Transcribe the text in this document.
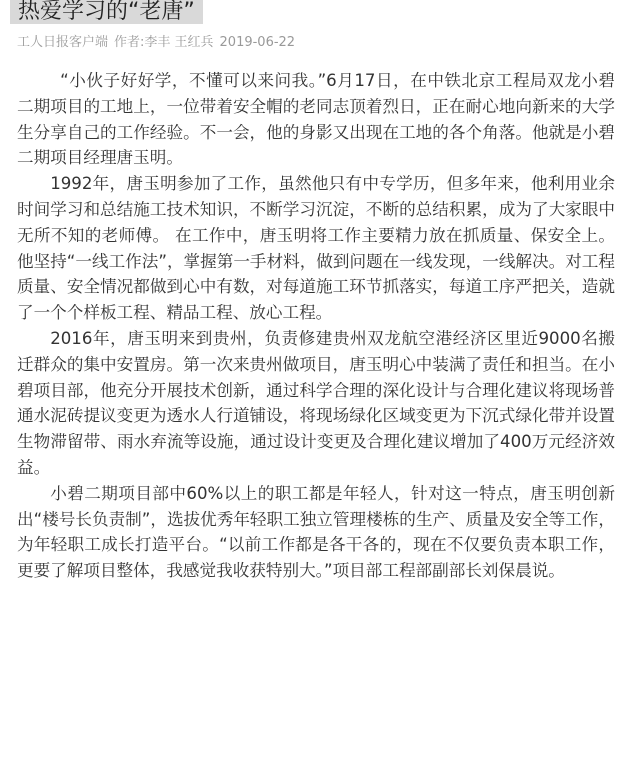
热爱学习的“老唐”
工人日报客户端 作者:李丰 王红兵 2019-06-22

“小伙子好好学，不懂可以来问我。”6月17日，在中铁北京工程局双龙小碧二期项目的工地上，一位带着安全帽的老同志顶着烈日，正在耐心地向新来的大学生分享自己的工作经验。不一会，他的身影又出现在工地的各个角落。他就是小碧二期项目经理唐玉明。

1992年，唐玉明参加了工作，虽然他只有中专学历，但多年来，他利用业余时间学习和总结施工技术知识，不断学习沉淀，不断的总结积累，成为了大家眼中无所不知的老师傅。 在工作中，唐玉明将工作主要精力放在抓质量、保安全上。他坚持“一线工作法”，掌握第一手材料，做到问题在一线发现，一线解决。对工程质量、安全情况都做到心中有数，对每道施工环节抓落实，每道工序严把关，造就了一个个样板工程、精品工程、放心工程。

2016年，唐玉明来到贵州，负责修建贵州双龙航空港经济区里近9000名搬迁群众的集中安置房。第一次来贵州做项目，唐玉明心中装满了责任和担当。在小碧项目部，他充分开展技术创新，通过科学合理的深化设计与合理化建议将现场普通水泥砖提议变更为透水人行道铺设，将现场绿化区域变更为下沉式绿化带并设置生物滞留带、雨水弃流等设施，通过设计变更及合理化建议增加了400万元经济效益。

小碧二期项目部中60%以上的职工都是年轻人，针对这一特点，唐玉明创新出“楼号长负责制”，选拔优秀年轻职工独立管理楼栋的生产、质量及安全等工作，为年轻职工成长打造平台。“以前工作都是各干各的，现在不仅要负责本职工作，更要了解项目整体，我感觉我收获特别大。”项目部工程部副部长刘保晨说。
